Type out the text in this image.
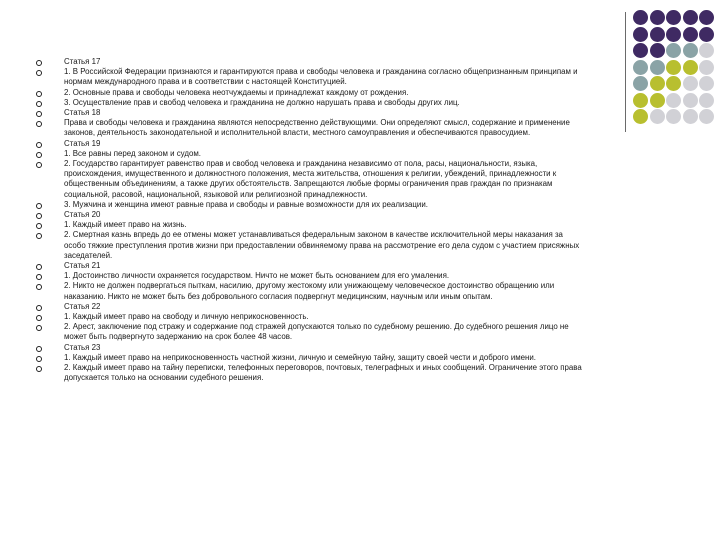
Статья 17
1. В Российской Федерации признаются и гарантируются права и свободы человека и гражданина согласно общепризнанным принципам и нормам международного права и в соответствии с настоящей Конституцией.
2. Основные права и свободы человека неотчуждаемы и принадлежат каждому от рождения.
3. Осуществление прав и свобод человека и гражданина не должно нарушать права и свободы других лиц.
Статья 18
Права и свободы человека и гражданина являются непосредственно действующими. Они определяют смысл, содержание и применение законов, деятельность законодательной и исполнительной власти, местного самоуправления и обеспечиваются правосудием.
Статья 19
1. Все равны перед законом и судом.
2. Государство гарантирует равенство прав и свобод человека и гражданина независимо от пола, расы, национальности, языка, происхождения, имущественного и должностного положения, места жительства, отношения к религии, убеждений, принадлежности к общественным объединениям, а также других обстоятельств. Запрещаются любые формы ограничения прав граждан по признакам социальной, расовой, национальной, языковой или религиозной принадлежности.
3. Мужчина и женщина имеют равные права и свободы и равные возможности для их реализации.
Статья 20
1. Каждый имеет право на жизнь.
2. Смертная казнь впредь до ее отмены может устанавливаться федеральным законом в качестве исключительной меры наказания за особо тяжкие преступления против жизни при предоставлении обвиняемому права на рассмотрение его дела судом с участием присяжных заседателей.
Статья 21
1. Достоинство личности охраняется государством. Ничто не может быть основанием для его умаления.
2. Никто не должен подвергаться пыткам, насилию, другому жестокому или унижающему человеческое достоинство обращению или наказанию. Никто не может быть без добровольного согласия подвергнут медицинским, научным или иным опытам.
Статья 22
1. Каждый имеет право на свободу и личную неприкосновенность.
2. Арест, заключение под стражу и содержание под стражей допускаются только по судебному решению. До судебного решения лицо не может быть подвергнуто задержанию на срок более 48 часов.
Статья 23
1. Каждый имеет право на неприкосновенность частной жизни, личную и семейную тайну, защиту своей чести и доброго имени.
2. Каждый имеет право на тайну переписки, телефонных переговоров, почтовых, телеграфных и иных сообщений. Ограничение этого права допускается только на основании судебного решения.
